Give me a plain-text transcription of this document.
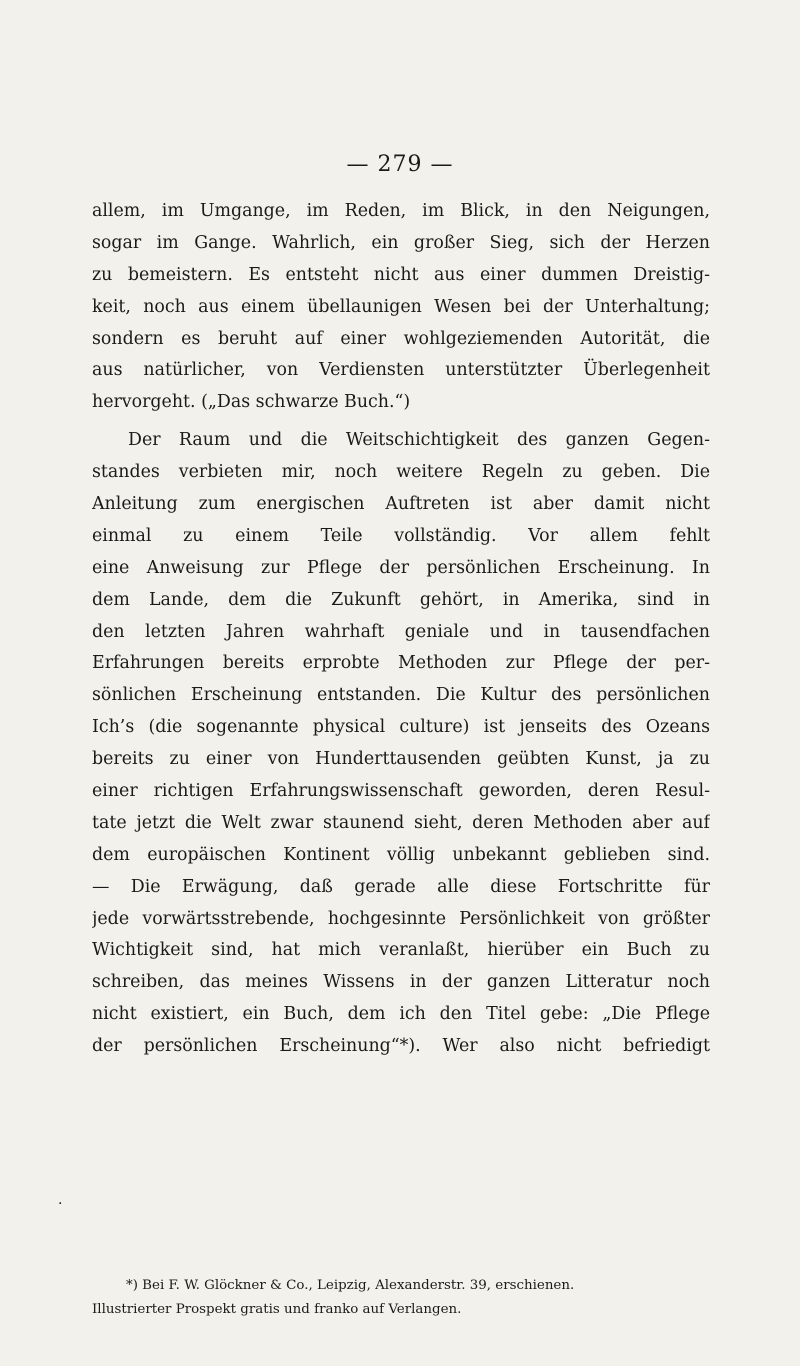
— 279 —
·
allem, im Umgange, im Reden, im Blick, in den Neigungen,
sogar im Gange. Wahrlich, ein großer Sieg, sich der Herzen
zu bemeistern. Es entsteht nicht aus einer dummen Dreistig-
keit, noch aus einem übellaunigen Wesen bei der Unterhaltung;
sondern es beruht auf einer wohlgeziemenden Autorität, die
aus natürlicher, von Verdiensten unterstützter Überlegenheit
hervorgeht. („Das schwarze Buch.“)
Der Raum und die Weitschichtigkeit des ganzen Gegen-
standes verbieten mir, noch weitere Regeln zu geben. Die
Anleitung zum energischen Auftreten ist aber damit nicht
einmal zu einem Teile vollständig. Vor allem fehlt
eine Anweisung zur Pflege der persönlichen Erscheinung. In
dem Lande, dem die Zukunft gehört, in Amerika, sind in
den letzten Jahren wahrhaft geniale und in tausendfachen
Erfahrungen bereits erprobte Methoden zur Pflege der per-
sönlichen Erscheinung entstanden. Die Kultur des persönlichen
Ich’s (die sogenannte physical culture) ist jenseits des Ozeans
bereits zu einer von Hunderttausenden geübten Kunst, ja zu
einer richtigen Erfahrungswissenschaft geworden, deren Resul-
tate jetzt die Welt zwar staunend sieht, deren Methoden aber auf
dem europäischen Kontinent völlig unbekannt geblieben sind.
— Die Erwägung, daß gerade alle diese Fortschritte für
jede vorwärtsstrebende, hochgesinnte Persönlichkeit von größter
Wichtigkeit sind, hat mich veranlaßt, hierüber ein Buch zu
schreiben, das meines Wissens in der ganzen Litteratur noch
nicht existiert, ein Buch, dem ich den Titel gebe: „Die Pflege
der persönlichen Erscheinung“*). Wer also nicht befriedigt
*) Bei F. W. Glöckner & Co., Leipzig, Alexanderstr. 39, erschienen.
Illustrierter Prospekt gratis und franko auf Verlangen.
